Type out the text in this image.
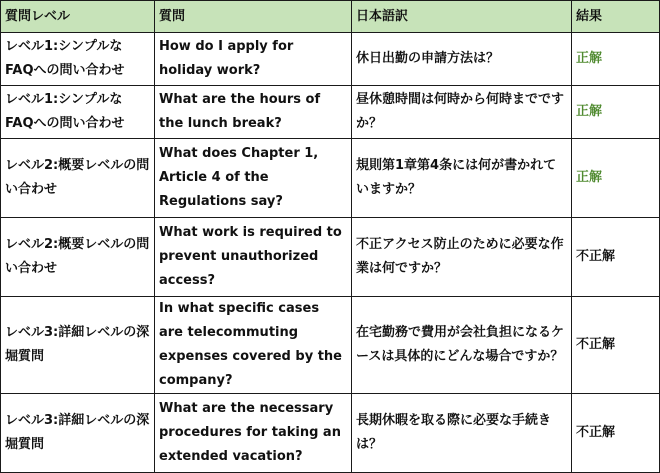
質問レベル	質問	日本語訳	結果
レベル1:シンプルなFAQへの問い合わせ	How do I apply for holiday work?	休日出勤の申請方法は？	正解
レベル1:シンプルなFAQへの問い合わせ	What are the hours of the lunch break?	昼休憩時間は何時から何時までですか？	正解
レベル2:概要レベルの問い合わせ	What does Chapter 1, Article 4 of the Regulations say?	規則第1章第4条には何が書かれていますか？	正解
レベル2:概要レベルの問い合わせ	What work is required to prevent unauthorized access?	不正アクセス防止のために必要な作業は何ですか？	不正解
レベル3:詳細レベルの深堀質問	In what specific cases are telecommuting expenses covered by the company?	在宅勤務で費用が会社負担になるケースは具体的にどんな場合ですか？	不正解
レベル3:詳細レベルの深堀質問	What are the necessary procedures for taking an extended vacation?	長期休暇を取る際に必要な手続きは？	不正解
